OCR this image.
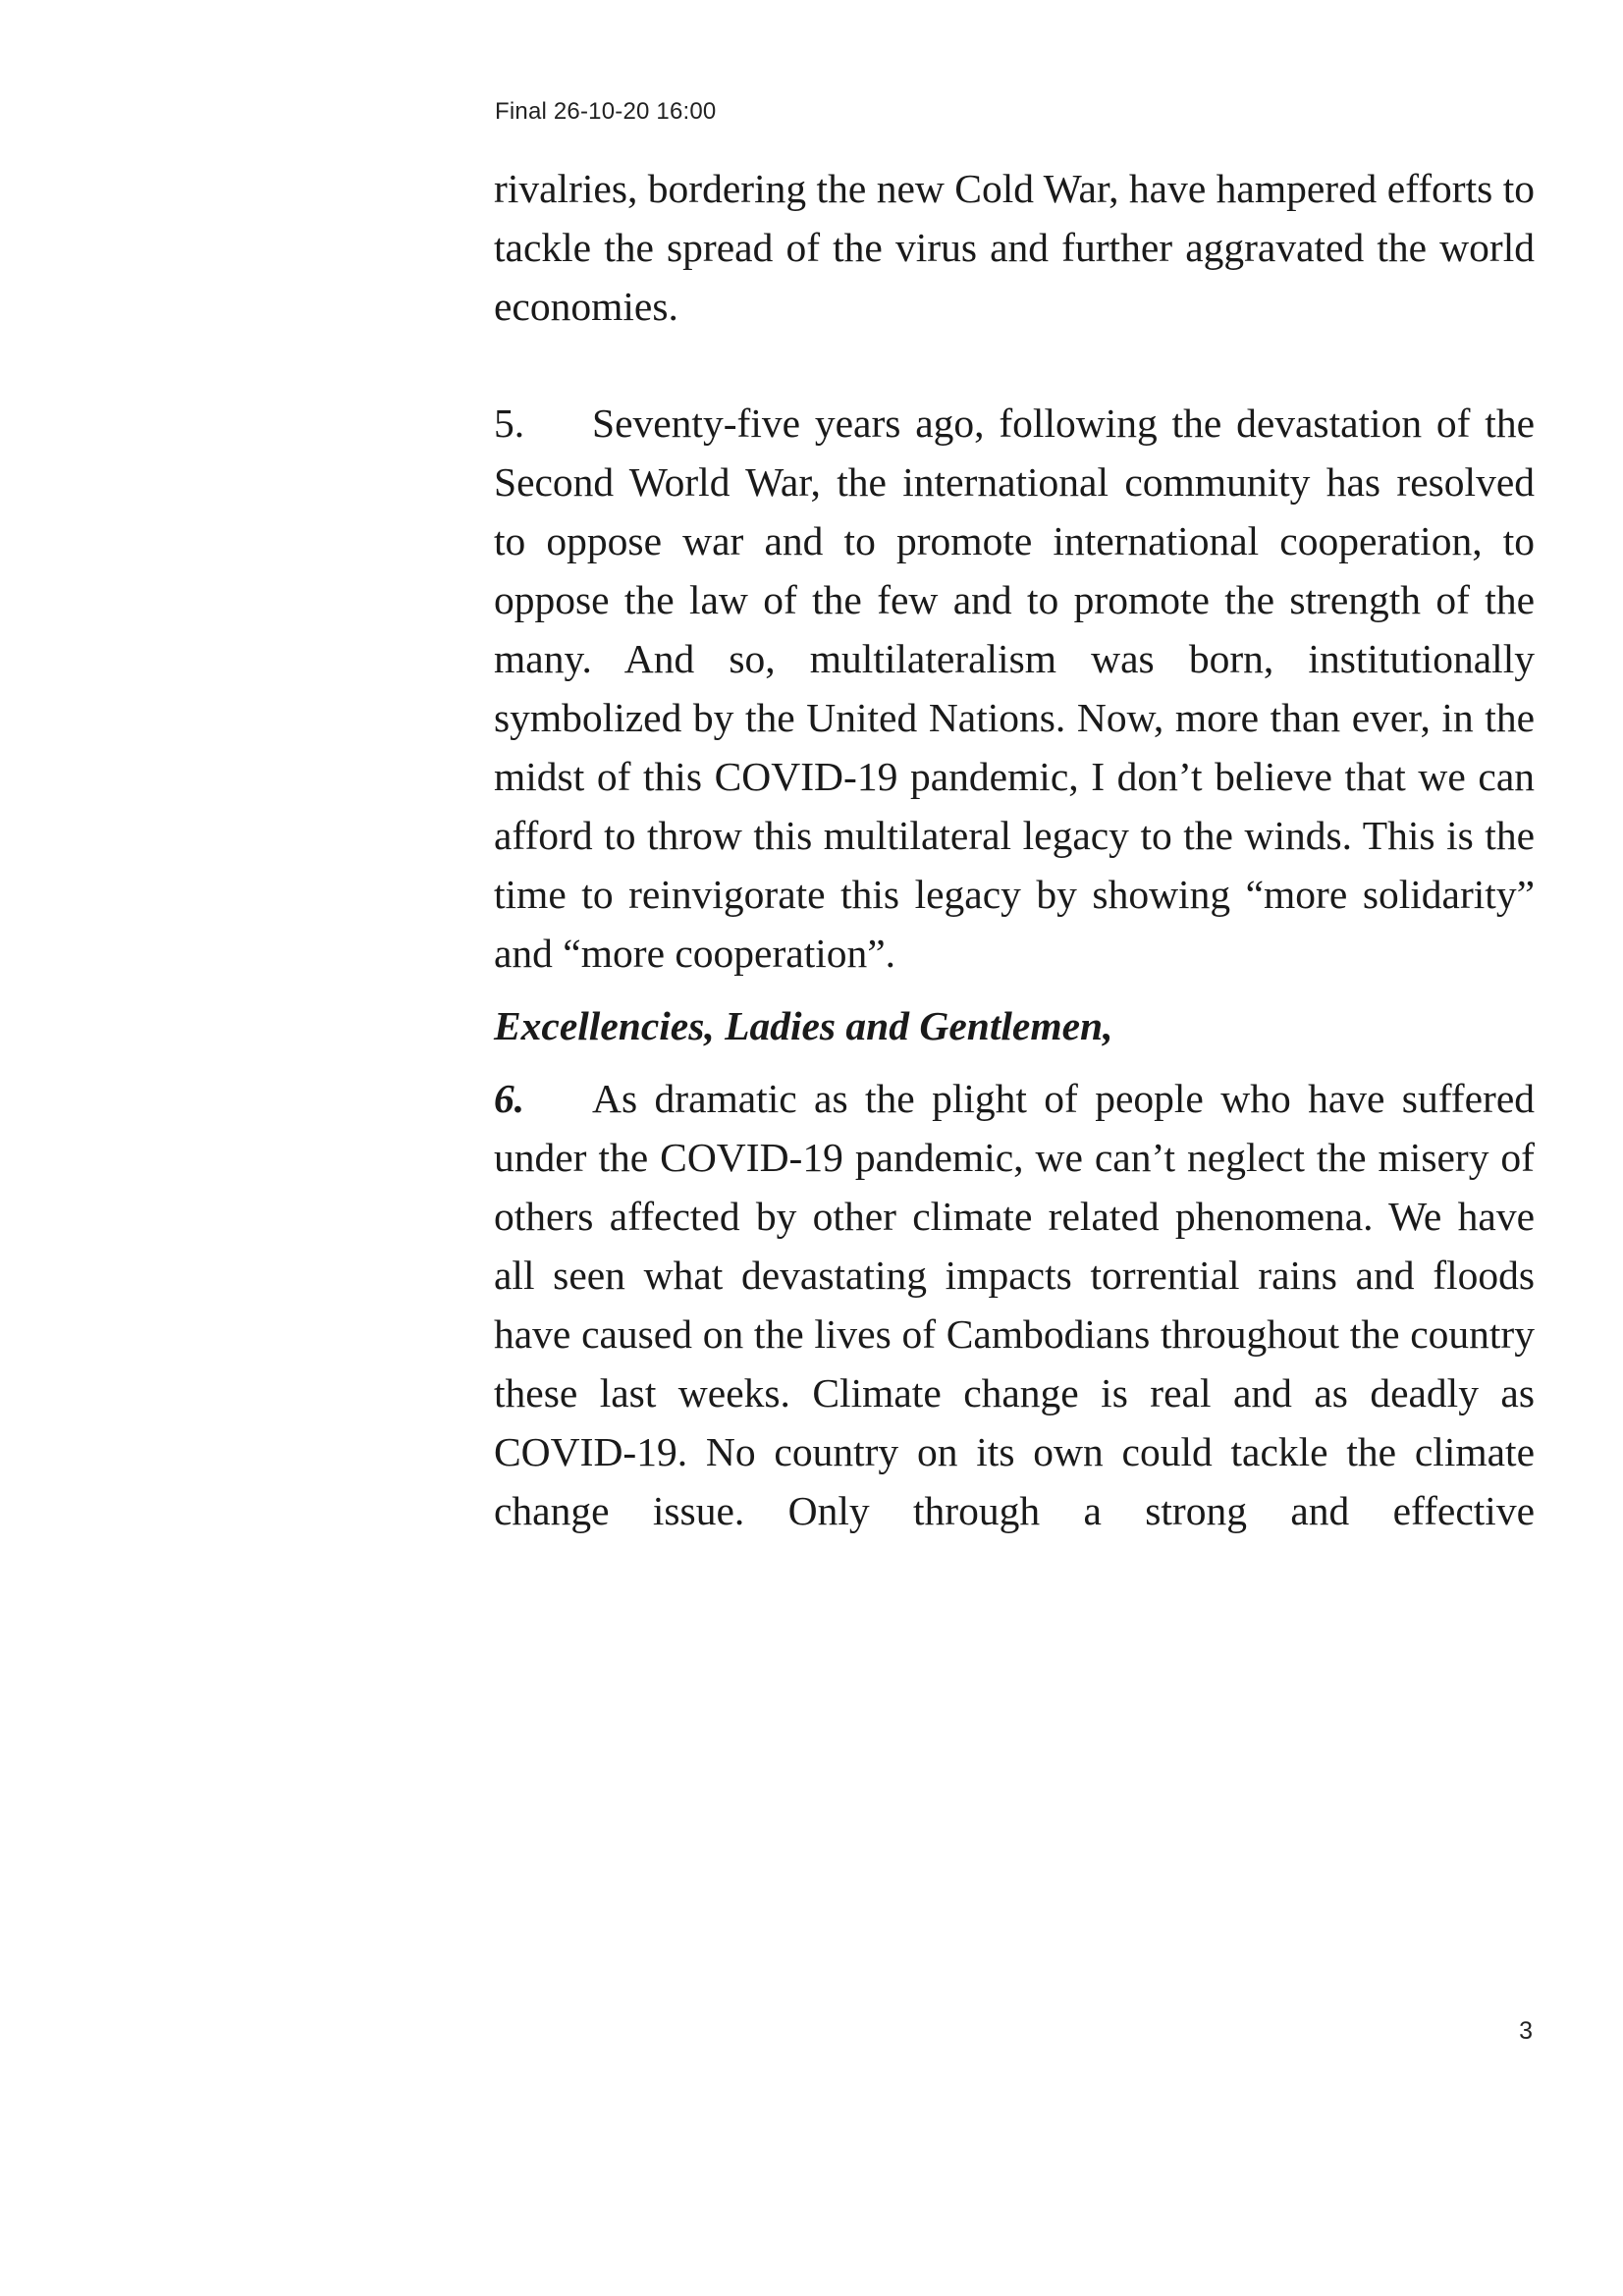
Final 26-10-20 16:00

rivalries, bordering the new Cold War, have hampered efforts to tackle the spread of the virus and further aggravated the world economies.

5. Seventy-five years ago, following the devastation of the Second World War, the international community has resolved to oppose war and to promote international cooperation, to oppose the law of the few and to promote the strength of the many. And so, multilateralism was born, institutionally symbolized by the United Nations. Now, more than ever, in the midst of this COVID-19 pandemic, I don’t believe that we can afford to throw this multilateral legacy to the winds. This is the time to reinvigorate this legacy by showing “more solidarity” and “more cooperation”.

Excellencies, Ladies and Gentlemen,

6. As dramatic as the plight of people who have suffered under the COVID-19 pandemic, we can’t neglect the misery of others affected by other climate related phenomena. We have all seen what devastating impacts torrential rains and floods have caused on the lives of Cambodians throughout the country these last weeks. Climate change is real and as deadly as COVID-19. No country on its own could tackle the climate change issue. Only through a strong and effective

3
